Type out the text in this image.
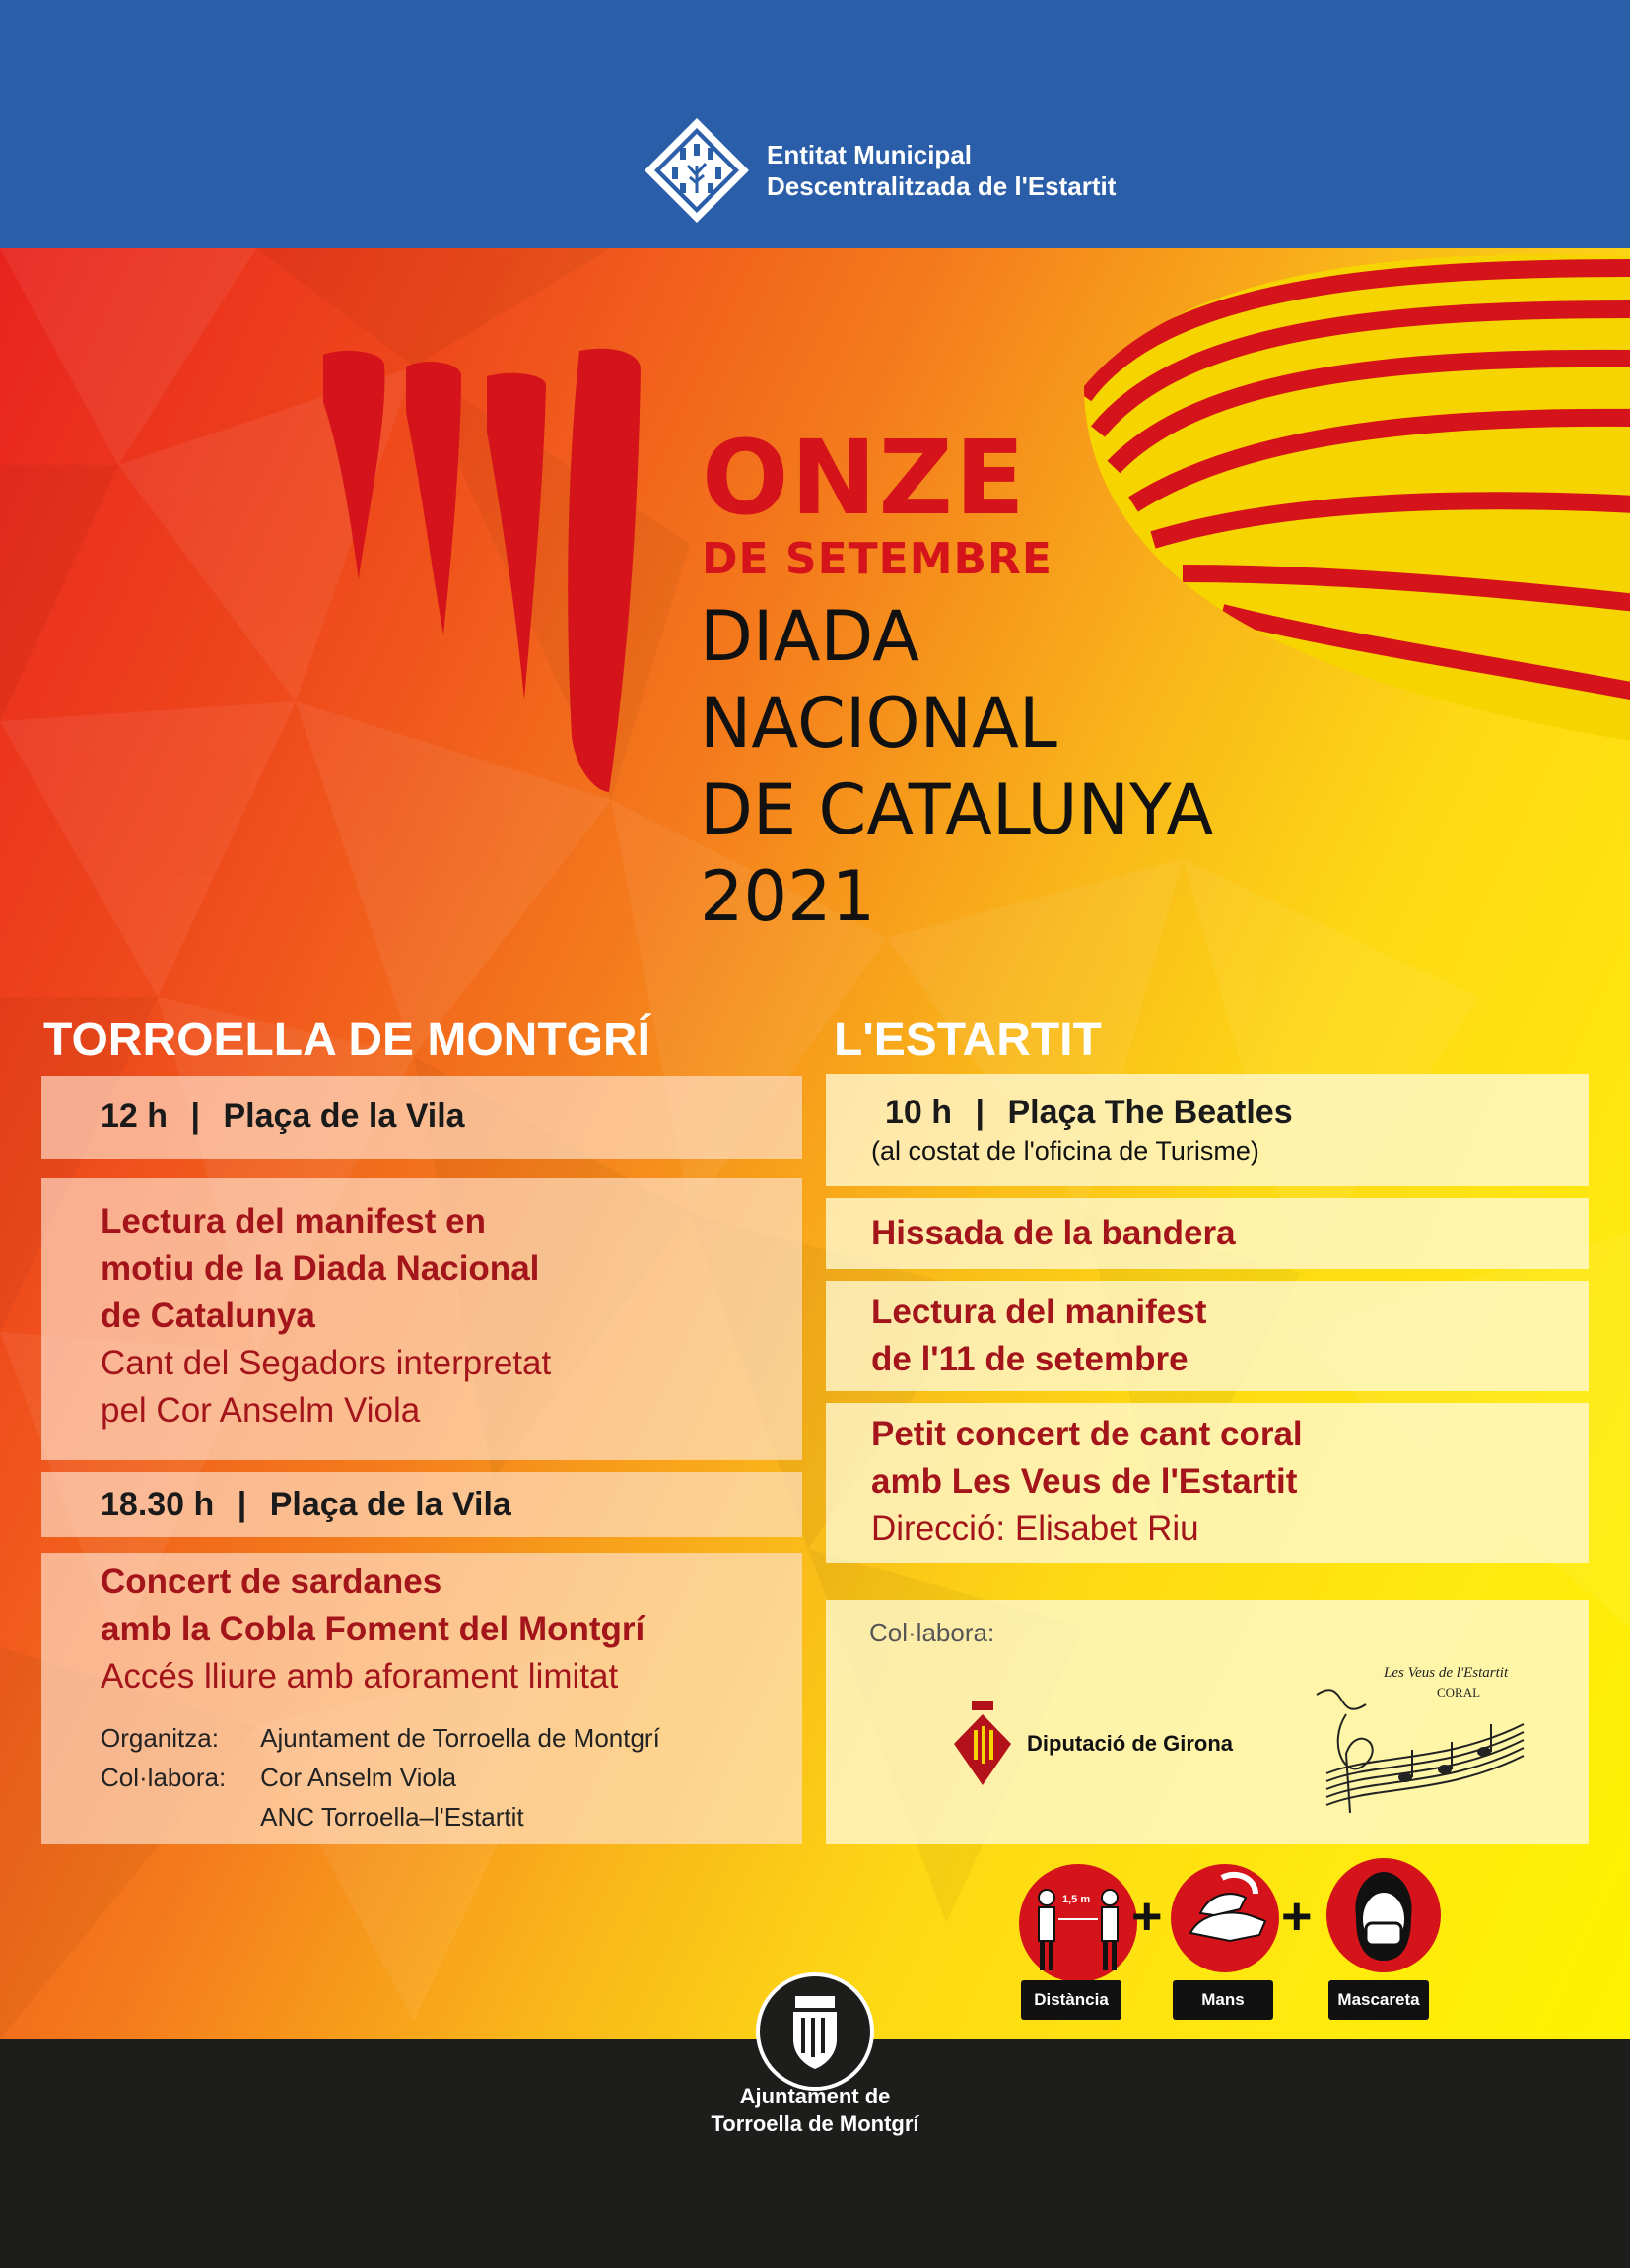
Entitat Municipal
Descentralitzada de l'Estartit
ONZE
DE SETEMBRE
DIADA
NACIONAL
DE CATALUNYA
2021
TORROELLA DE MONTGRÍ
12 h | Plaça de la Vila
Lectura del manifest en
motiu de la Diada Nacional
de Catalunya
Cant del Segadors interpretat
pel Cor Anselm Viola
18.30 h | Plaça de la Vila
Concert de sardanes
amb la Cobla Foment del Montgrí
Accés lliure amb aforament limitat
Organitza:	Ajuntament de Torroella de Montgrí
Col·labora:	Cor Anselm Viola
	ANC Torroella–l'Estartit
L'ESTARTIT
10 h | Plaça The Beatles
(al costat de l'oficina de Turisme)
Hissada de la bandera
Lectura del manifest
de l'11 de setembre
Petit concert de cant coral
amb Les Veus de l'Estartit
Direcció: Elisabet Riu
Col·labora:
Diputació de Girona
Les Veus de l'Estartit
CORAL
1,5 m + +
Distància	Mans	Mascareta
Ajuntament de
Torroella de Montgrí
